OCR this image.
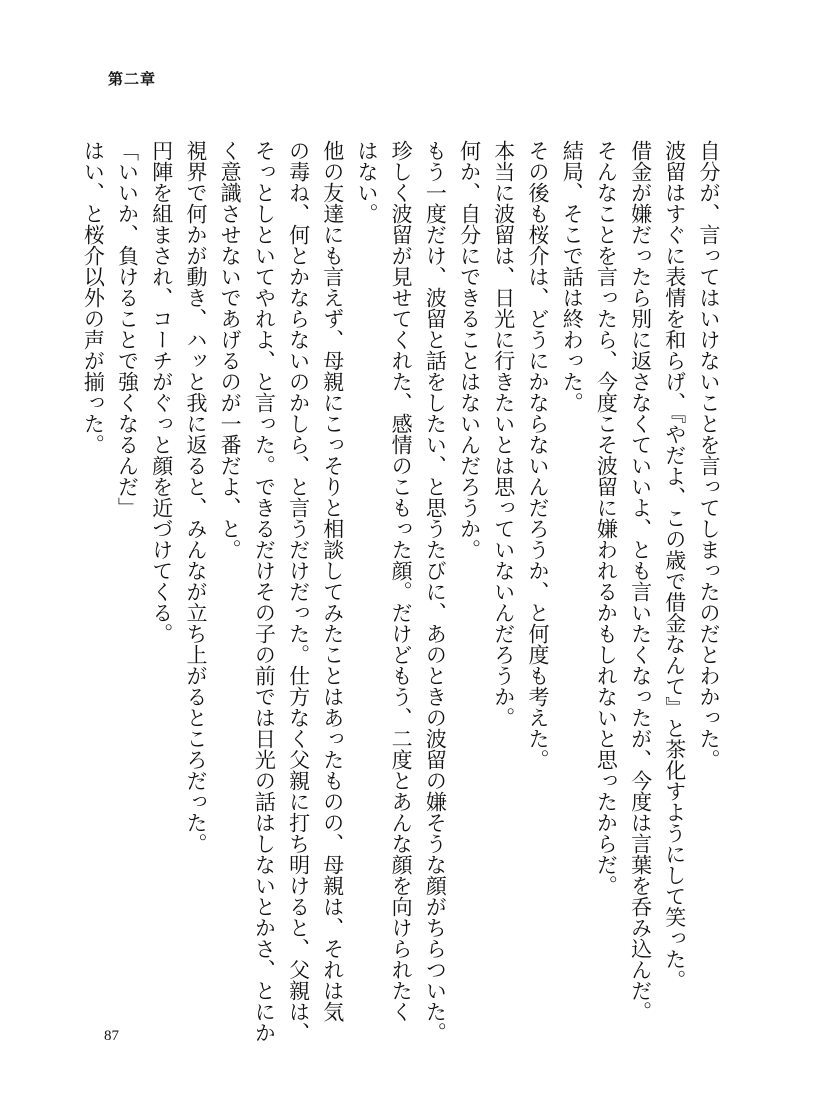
第二章

自分が、言ってはいけないことを言ってしまったのだとわかった。

波留はすぐに表情を和らげ、『やだよ、この歳で借金なんて』と茶化すようにして笑った。

借金が嫌だったら別に返さなくていいよ、とも言いたくなったが、今度は言葉を呑み込んだ。

そんなことを言ったら、今度こそ波留に嫌われるかもしれないと思ったからだ。

結局、そこで話は終わった。

その後も桜介は、どうにかならないんだろうか、と何度も考えた。

本当に波留は、日光に行きたいとは思っていないんだろうか。

何か、自分にできることはないんだろうか。

もう一度だけ、波留と話をしたい、と思うたびに、あのときの波留の嫌そうな顔がちらついた。

珍しく波留が見せてくれた、感情のこもった顔。だけどもう、二度とあんな顔を向けられたく

はない。

他の友達にも言えず、母親にこっそりと相談してみたことはあったものの、母親は、それは気

の毒ね、何とかならないのかしら、と言うだけだった。仕方なく父親に打ち明けると、父親は、

そっとしといてやれよ、と言った。できるだけその子の前では日光の話はしないとかさ、とにか

く意識させないであげるのが一番だよ、と。

視界で何かが動き、ハッと我に返ると、みんなが立ち上がるところだった。

円陣を組まされ、コーチがぐっと顔を近づけてくる。

「いいか、負けることで強くなるんだ」

はい、と桜介以外の声が揃った。

87
